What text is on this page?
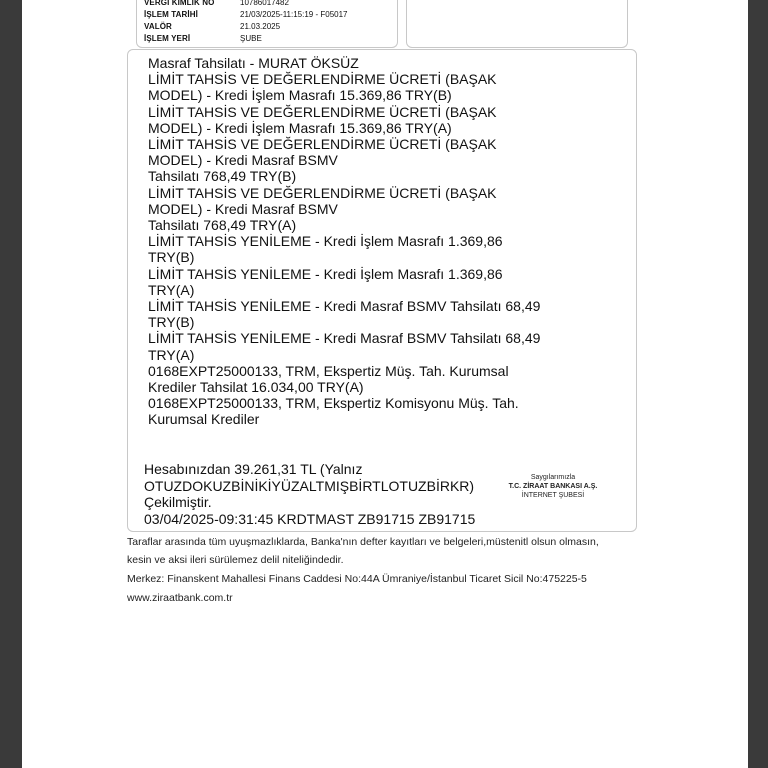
VERGİ KİMLİK NO	10786017482
İŞLEM TARİHİ	21/03/2025-11:15:19 - F05017
VALÖR	21.03.2025
İŞLEM YERİ	ŞUBE
Masraf Tahsilatı - MURAT ÖKSÜZ
LİMİT TAHSİS VE DEĞERLENDİRME ÜCRETİ (BAŞAK
MODEL) - Kredi İşlem Masrafı 15.369,86 TRY(B)
LİMİT TAHSİS VE DEĞERLENDİRME ÜCRETİ (BAŞAK
MODEL) - Kredi İşlem Masrafı 15.369,86 TRY(A)
LİMİT TAHSİS VE DEĞERLENDİRME ÜCRETİ (BAŞAK
MODEL) - Kredi Masraf BSMV
Tahsilatı 768,49 TRY(B)
LİMİT TAHSİS VE DEĞERLENDİRME ÜCRETİ (BAŞAK
MODEL) - Kredi Masraf BSMV
Tahsilatı 768,49 TRY(A)
LİMİT TAHSİS YENİLEME - Kredi İşlem Masrafı 1.369,86
TRY(B)
LİMİT TAHSİS YENİLEME - Kredi İşlem Masrafı 1.369,86
TRY(A)
LİMİT TAHSİS YENİLEME - Kredi Masraf BSMV Tahsilatı 68,49
TRY(B)
LİMİT TAHSİS YENİLEME - Kredi Masraf BSMV Tahsilatı 68,49
TRY(A)
0168EXPT25000133, TRM, Ekspertiz Müş. Tah. Kurumsal
Krediler Tahsilat 16.034,00 TRY(A)
0168EXPT25000133, TRM, Ekspertiz Komisyonu Müş. Tah.
Kurumsal Krediler
Hesabınızdan 39.261,31 TL (Yalnız
OTUZDOKUZBİNİKİYÜZALTMIŞBİRTLOTUZBİRKR)
Çekilmiştir.
03/04/2025-09:31:45 KRDTMAST ZB91715 ZB91715
Saygılarımızla
T.C. ZİRAAT BANKASI A.Ş.
İNTERNET ŞUBESİ
Taraflar arasında tüm uyuşmazlıklarda, Banka'nın defter kayıtları ve belgeleri,müstenitl olsun olmasın,
kesin ve aksi ileri sürülemez delil niteliğindedir.
Merkez: Finanskent Mahallesi Finans Caddesi No:44A Ümraniye/İstanbul Ticaret Sicil No:475225-5
www.ziraatbank.com.tr
